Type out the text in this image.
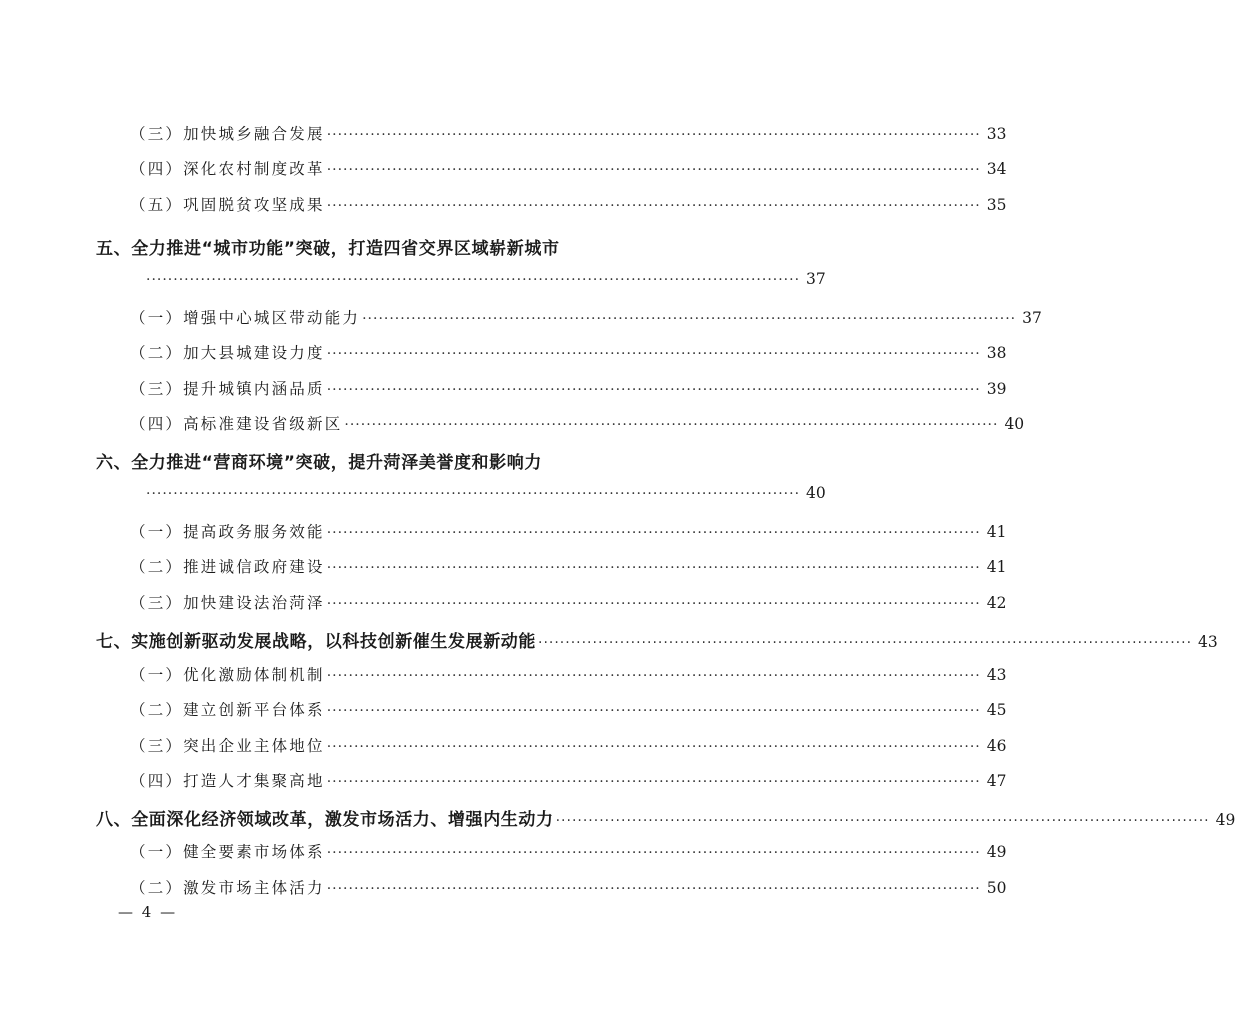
（三）加快城乡融合发展 ························································································································ 33
（四）深化农村制度改革 ························································································································ 34
（五）巩固脱贫攻坚成果 ························································································································ 35
五、全力推进“城市功能”突破，打造四省交界区域崭新城市
························································································································ 37
（一）增强中心城区带动能力 ························································································································ 37
（二）加大县城建设力度 ························································································································ 38
（三）提升城镇内涵品质 ························································································································ 39
（四）高标准建设省级新区 ························································································································ 40
六、全力推进“营商环境”突破，提升菏泽美誉度和影响力
························································································································ 40
（一）提高政务服务效能 ························································································································ 41
（二）推进诚信政府建设 ························································································································ 41
（三）加快建设法治菏泽 ························································································································ 42
七、实施创新驱动发展战略，以科技创新催生发展新动能 ························································································································ 43
（一）优化激励体制机制 ························································································································ 43
（二）建立创新平台体系 ························································································································ 45
（三）突出企业主体地位 ························································································································ 46
（四）打造人才集聚高地 ························································································································ 47
八、全面深化经济领域改革，激发市场活力、增强内生动力 ························································································································ 49
（一）健全要素市场体系 ························································································································ 49
（二）激发市场主体活力 ························································································································ 50
— 4 —
